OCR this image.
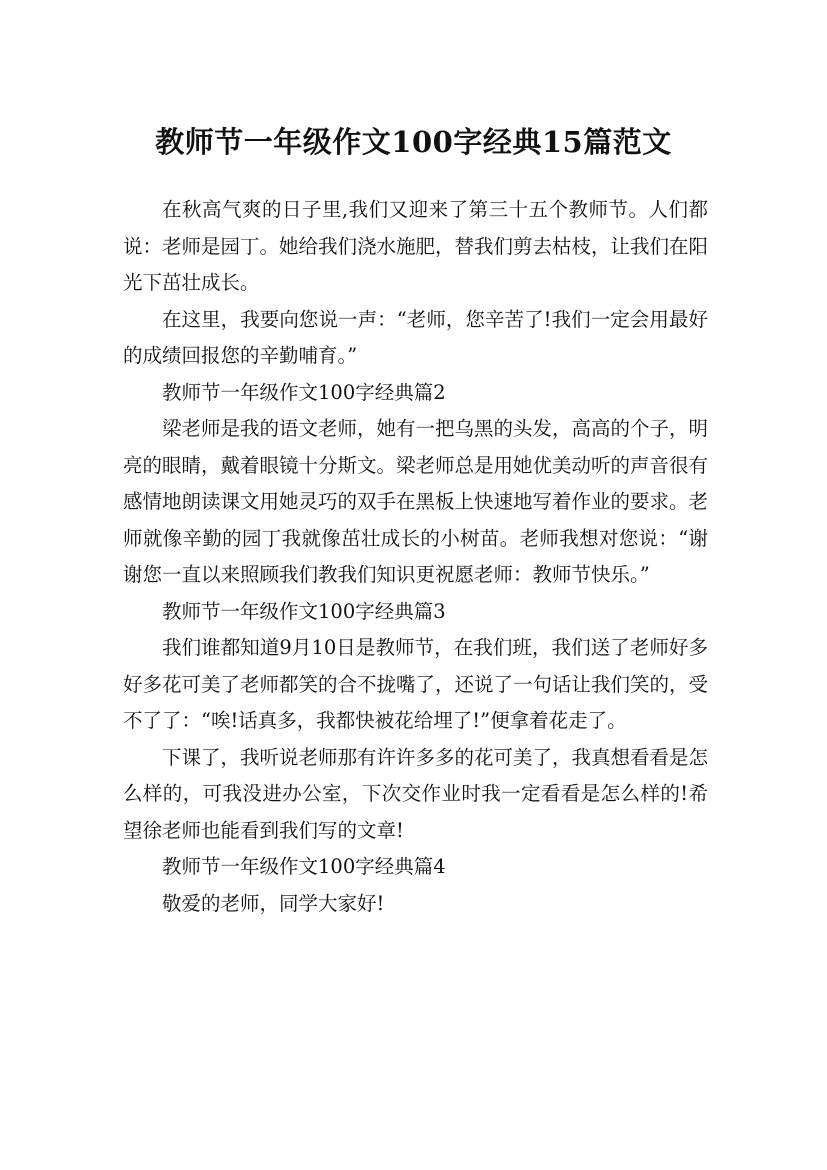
教师节一年级作文100字经典15篇范文

在秋高气爽的日子里,我们又迎来了第三十五个教师节。人们都说：老师是园丁。她给我们浇水施肥，替我们剪去枯枝，让我们在阳光下茁壮成长。

在这里，我要向您说一声：“老师，您辛苦了!我们一定会用最好的成绩回报您的辛勤哺育。”

教师节一年级作文100字经典篇2

梁老师是我的语文老师，她有一把乌黑的头发，高高的个子，明亮的眼睛，戴着眼镜十分斯文。梁老师总是用她优美动听的声音很有感情地朗读课文用她灵巧的双手在黑板上快速地写着作业的要求。老师就像辛勤的园丁我就像茁壮成长的小树苗。老师我想对您说：“谢谢您一直以来照顾我们教我们知识更祝愿老师：教师节快乐。”

教师节一年级作文100字经典篇3

我们谁都知道9月10日是教师节，在我们班，我们送了老师好多好多花可美了老师都笑的合不拢嘴了，还说了一句话让我们笑的，受不了了：“唉!话真多，我都快被花给埋了!”便拿着花走了。

下课了，我听说老师那有许许多多的花可美了，我真想看看是怎么样的，可我没进办公室，下次交作业时我一定看看是怎么样的!希望徐老师也能看到我们写的文章!

教师节一年级作文100字经典篇4

敬爱的老师，同学大家好!
